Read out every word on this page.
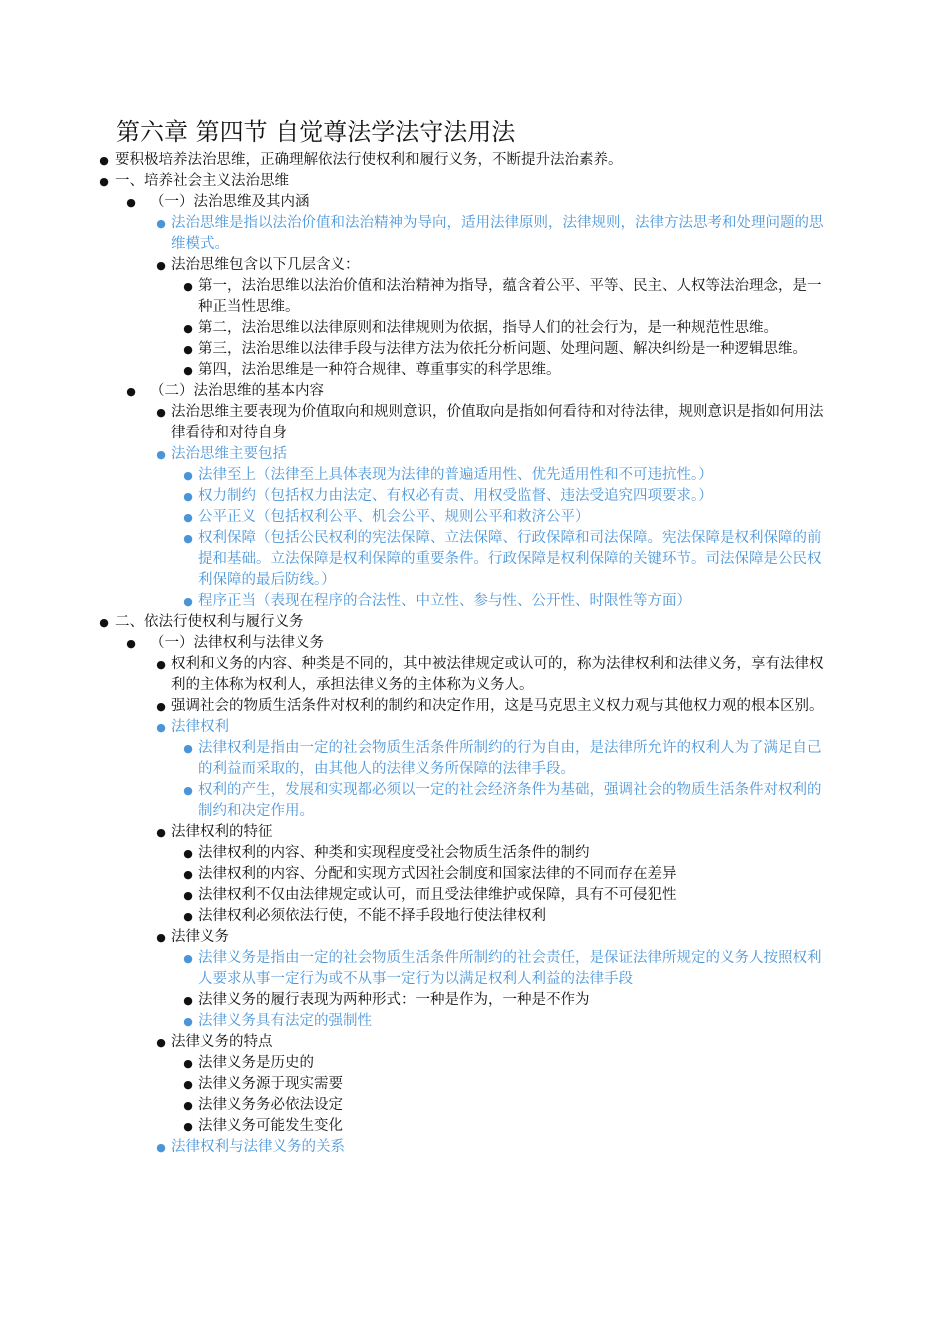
第六章 第四节 自觉尊法学法守法用法
● 要积极培养法治思维，正确理解依法行使权利和履行义务，不断提升法治素养。
● 一、培养社会主义法治思维
● （一）法治思维及其内涵
● 法治思维是指以法治价值和法治精神为导向，适用法律原则，法律规则，法律方法思考和处理问题的思维模式。
● 法治思维包含以下几层含义：
● 第一，法治思维以法治价值和法治精神为指导，蕴含着公平、平等、民主、人权等法治理念，是一种正当性思维。
● 第二，法治思维以法律原则和法律规则为依据，指导人们的社会行为，是一种规范性思维。
● 第三，法治思维以法律手段与法律方法为依托分析问题、处理问题、解决纠纷是一种逻辑思维。
● 第四，法治思维是一种符合规律、尊重事实的科学思维。
● （二）法治思维的基本内容
● 法治思维主要表现为价值取向和规则意识，价值取向是指如何看待和对待法律，规则意识是指如何用法律看待和对待自身
● 法治思维主要包括
● 法律至上（法律至上具体表现为法律的普遍适用性、优先适用性和不可违抗性。）
● 权力制约（包括权力由法定、有权必有责、用权受监督、违法受追究四项要求。）
● 公平正义（包括权利公平、机会公平、规则公平和救济公平）
● 权利保障（包括公民权利的宪法保障、立法保障、行政保障和司法保障。宪法保障是权利保障的前提和基础。立法保障是权利保障的重要条件。行政保障是权利保障的关键环节。司法保障是公民权利保障的最后防线。）
● 程序正当（表现在程序的合法性、中立性、参与性、公开性、时限性等方面）
● 二、依法行使权利与履行义务
● （一）法律权利与法律义务
● 权利和义务的内容、种类是不同的，其中被法律规定或认可的，称为法律权利和法律义务，享有法律权利的主体称为权利人，承担法律义务的主体称为义务人。
● 强调社会的物质生活条件对权利的制约和决定作用，这是马克思主义权力观与其他权力观的根本区别。
● 法律权利
● 法律权利是指由一定的社会物质生活条件所制约的行为自由，是法律所允许的权利人为了满足自己的利益而采取的，由其他人的法律义务所保障的法律手段。
● 权利的产生，发展和实现都必须以一定的社会经济条件为基础，强调社会的物质生活条件对权利的制约和决定作用。
● 法律权利的特征
● 法律权利的内容、种类和实现程度受社会物质生活条件的制约
● 法律权利的内容、分配和实现方式因社会制度和国家法律的不同而存在差异
● 法律权利不仅由法律规定或认可，而且受法律维护或保障，具有不可侵犯性
● 法律权利必须依法行使，不能不择手段地行使法律权利
● 法律义务
● 法律义务是指由一定的社会物质生活条件所制约的社会责任，是保证法律所规定的义务人按照权利人要求从事一定行为或不从事一定行为以满足权利人利益的法律手段
● 法律义务的履行表现为两种形式：一种是作为，一种是不作为
● 法律义务具有法定的强制性
● 法律义务的特点
● 法律义务是历史的
● 法律义务源于现实需要
● 法律义务务必依法设定
● 法律义务可能发生变化
● 法律权利与法律义务的关系
